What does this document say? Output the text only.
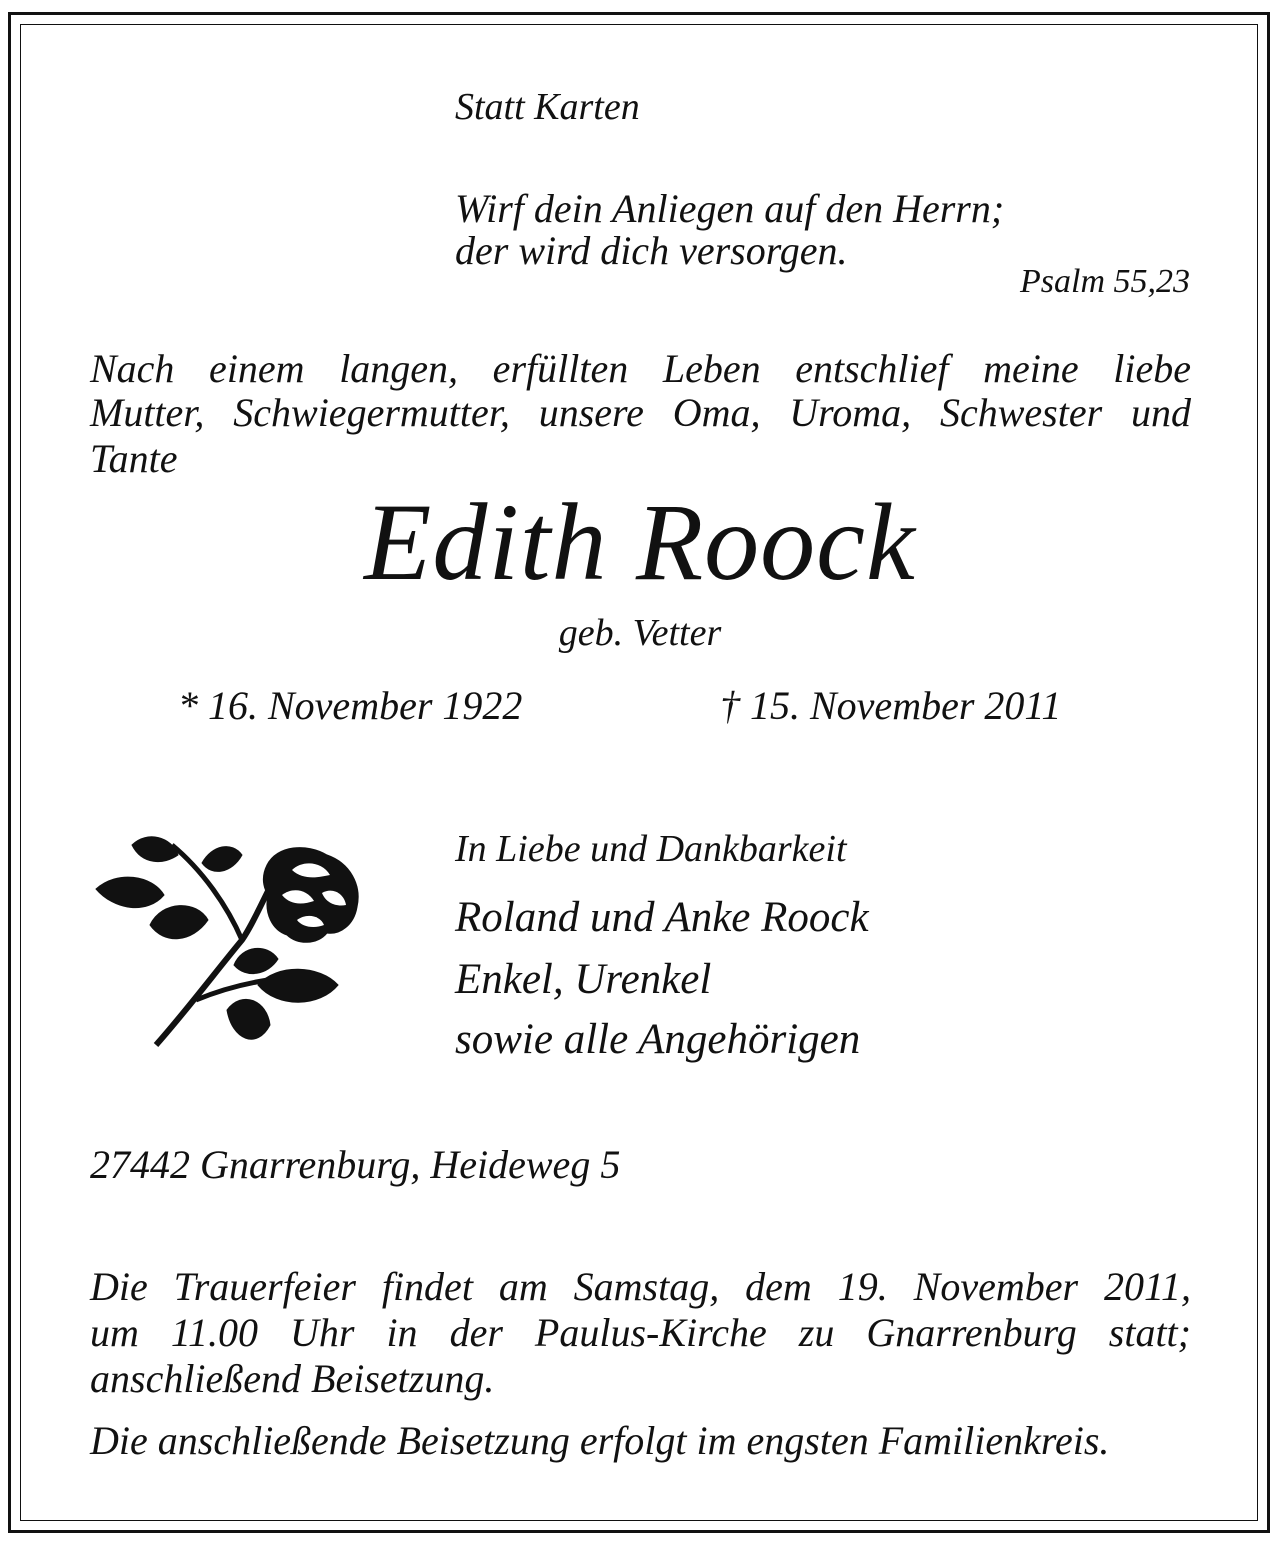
Statt Karten
Wirf dein Anliegen auf den Herrn;
der wird dich versorgen.
Psalm 55,23
Nach einem langen, erfüllten Leben entschlief meine liebe
Mutter, Schwiegermutter, unsere Oma, Uroma, Schwester und
Tante
Edith Roock
geb. Vetter
* 16. November 1922	† 15. November 2011
In Liebe und Dankbarkeit
Roland und Anke Roock
Enkel, Urenkel
sowie alle Angehörigen
27442 Gnarrenburg, Heideweg 5
Die Trauerfeier findet am Samstag, dem 19. November 2011,
um 11.00 Uhr in der Paulus-Kirche zu Gnarrenburg statt;
anschließend Beisetzung.
Die anschließende Beisetzung erfolgt im engsten Familienkreis.
